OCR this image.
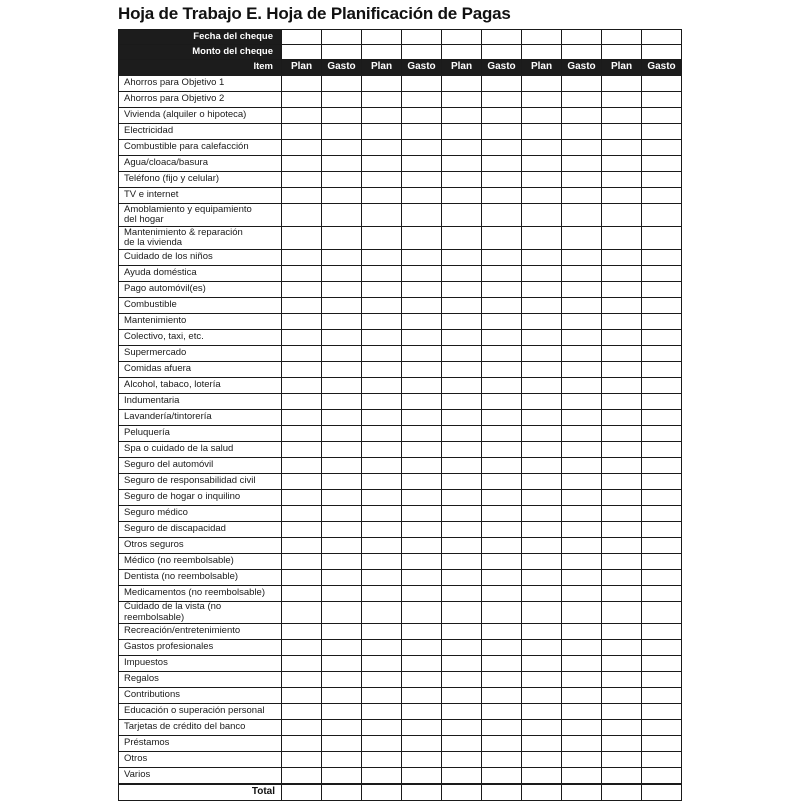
Hoja de Trabajo E. Hoja de Planificación de Pagas
Fecha del cheque										
Monto del cheque										
Item	Plan	Gasto	Plan	Gasto	Plan	Gasto	Plan	Gasto	Plan	Gasto
Ahorros para Objetivo 1										
Ahorros para Objetivo 2										
Vivienda (alquiler o hipoteca)										
Electricidad										
Combustible para calefacción										
Agua/cloaca/basura										
Teléfono (fijo y celular)										
TV e internet										
Amoblamiento y equipamiento
del hogar										
Mantenimiento & reparación
de la vivienda										
Cuidado de los niños										
Ayuda doméstica										
Pago automóvil(es)										
Combustible										
Mantenimiento										
Colectivo, taxi, etc.										
Supermercado										
Comidas afuera										
Alcohol, tabaco, lotería										
Indumentaria										
Lavandería/tintorería										
Peluquería										
Spa o cuidado de la salud										
Seguro del automóvil										
Seguro de responsabilidad civil										
Seguro de hogar o inquilino										
Seguro médico										
Seguro de discapacidad										
Otros seguros										
Médico (no reembolsable)										
Dentista (no reembolsable)										
Medicamentos (no reembolsable)										
Cuidado de la vista (no reembolsable)										
Recreación/entretenimiento										
Gastos profesionales										
Impuestos										
Regalos										
Contributions										
Educación o superación personal										
Tarjetas de crédito del banco										
Préstamos										
Otros										
Varios										
Total										
